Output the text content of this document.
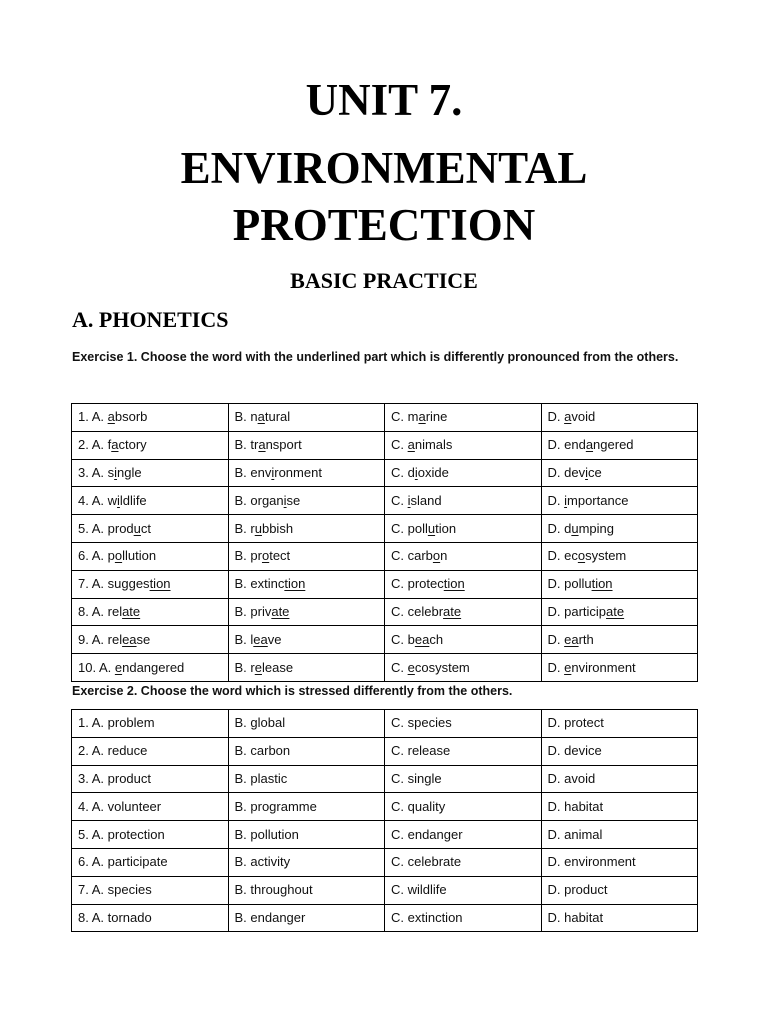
UNIT 7.
ENVIRONMENTAL
PROTECTION
BASIC PRACTICE
A. PHONETICS

Exercise 1. Choose the word with the underlined part which is differently pronounced from the others.

1. A. absorb	B. natural	C. marine	D. avoid
2. A. factory	B. transport	C. animals	D. endangered
3. A. single	B. environment	C. dioxide	D. device
4. A. wildlife	B. organise	C. island	D. importance
5. A. product	B. rubbish	C. pollution	D. dumping
6. A. pollution	B. protect	C. carbon	D. ecosystem
7. A. suggestion	B. extinction	C. protection	D. pollution
8. A. relate	B. private	C. celebrate	D. participate
9. A. release	B. leave	C. beach	D. earth
10. A. endangered	B. release	C. ecosystem	D. environment

Exercise 2. Choose the word which is stressed differently from the others.

1. A. problem	B. global	C. species	D. protect
2. A. reduce	B. carbon	C. release	D. device
3. A. product	B. plastic	C. single	D. avoid
4. A. volunteer	B. programme	C. quality	D. habitat
5. A. protection	B. pollution	C. endanger	D. animal
6. A. participate	B. activity	C. celebrate	D. environment
7. A. species	B. throughout	C. wildlife	D. product
8. A. tornado	B. endanger	C. extinction	D. habitat
